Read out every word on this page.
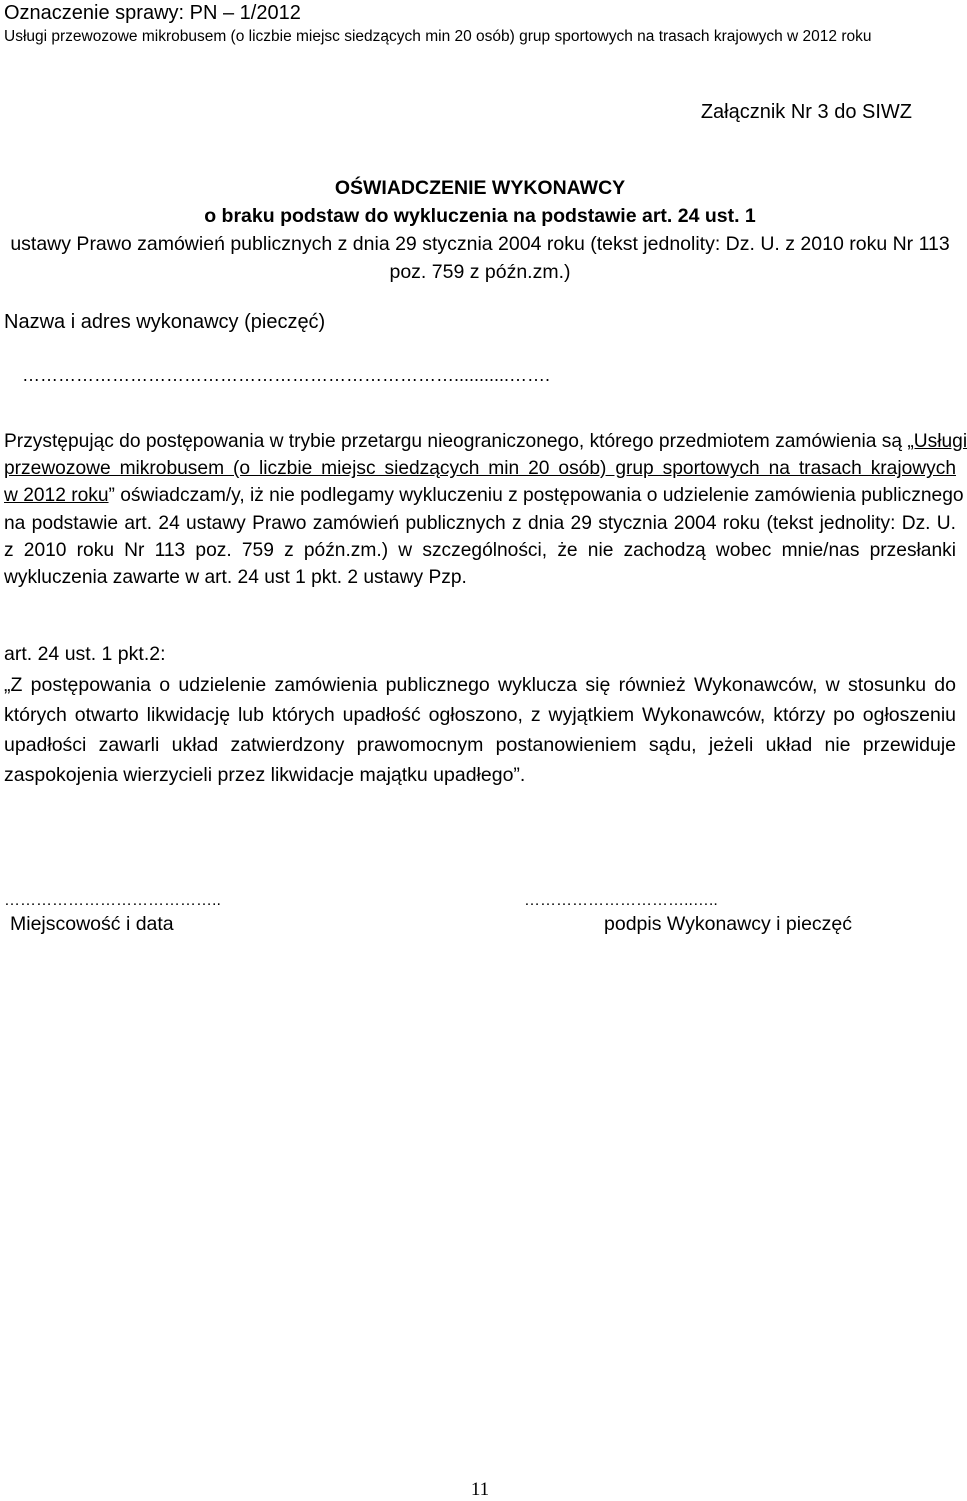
Oznaczenie sprawy: PN – 1/2012
Usługi przewozowe mikrobusem (o liczbie miejsc siedzących min 20 osób) grup sportowych na trasach krajowych w 2012 roku
Załącznik Nr 3 do SIWZ
OŚWIADCZENIE WYKONAWCY
o braku podstaw do wykluczenia na podstawie art. 24 ust. 1
ustawy Prawo zamówień publicznych z dnia 29 stycznia 2004 roku (tekst jednolity: Dz. U. z 2010 roku Nr 113
poz. 759 z późn.zm.)
Nazwa i adres wykonawcy (pieczęć)
………………………………………………………………...........…….
Przystępując do postępowania w trybie przetargu nieograniczonego, którego przedmiotem zamówienia są „Usługi
przewozowe mikrobusem (o liczbie miejsc siedzących min 20 osób) grup sportowych na trasach krajowych
w 2012 roku” oświadczam/y, iż nie podlegamy wykluczeniu z postępowania o udzielenie zamówienia publicznego
na podstawie art. 24 ustawy Prawo zamówień publicznych z dnia 29 stycznia 2004 roku (tekst jednolity: Dz. U.
z 2010 roku Nr 113 poz. 759 z późn.zm.) w szczególności, że nie zachodzą wobec mnie/nas przesłanki
wykluczenia zawarte w art. 24 ust 1 pkt. 2 ustawy Pzp.
art. 24 ust. 1 pkt.2:
„Z postępowania o udzielenie zamówienia publicznego wyklucza się również Wykonawców, w stosunku do
których otwarto likwidację lub których upadłość ogłoszono, z wyjątkiem Wykonawców, którzy po ogłoszeniu
upadłości zawarli układ zatwierdzony prawomocnym postanowieniem sądu, jeżeli układ nie przewiduje
zaspokojenia wierzycieli przez likwidacje majątku upadłego”.
…………………………………..	…………………………..…..
Miejscowość i data	podpis Wykonawcy i pieczęć
11
